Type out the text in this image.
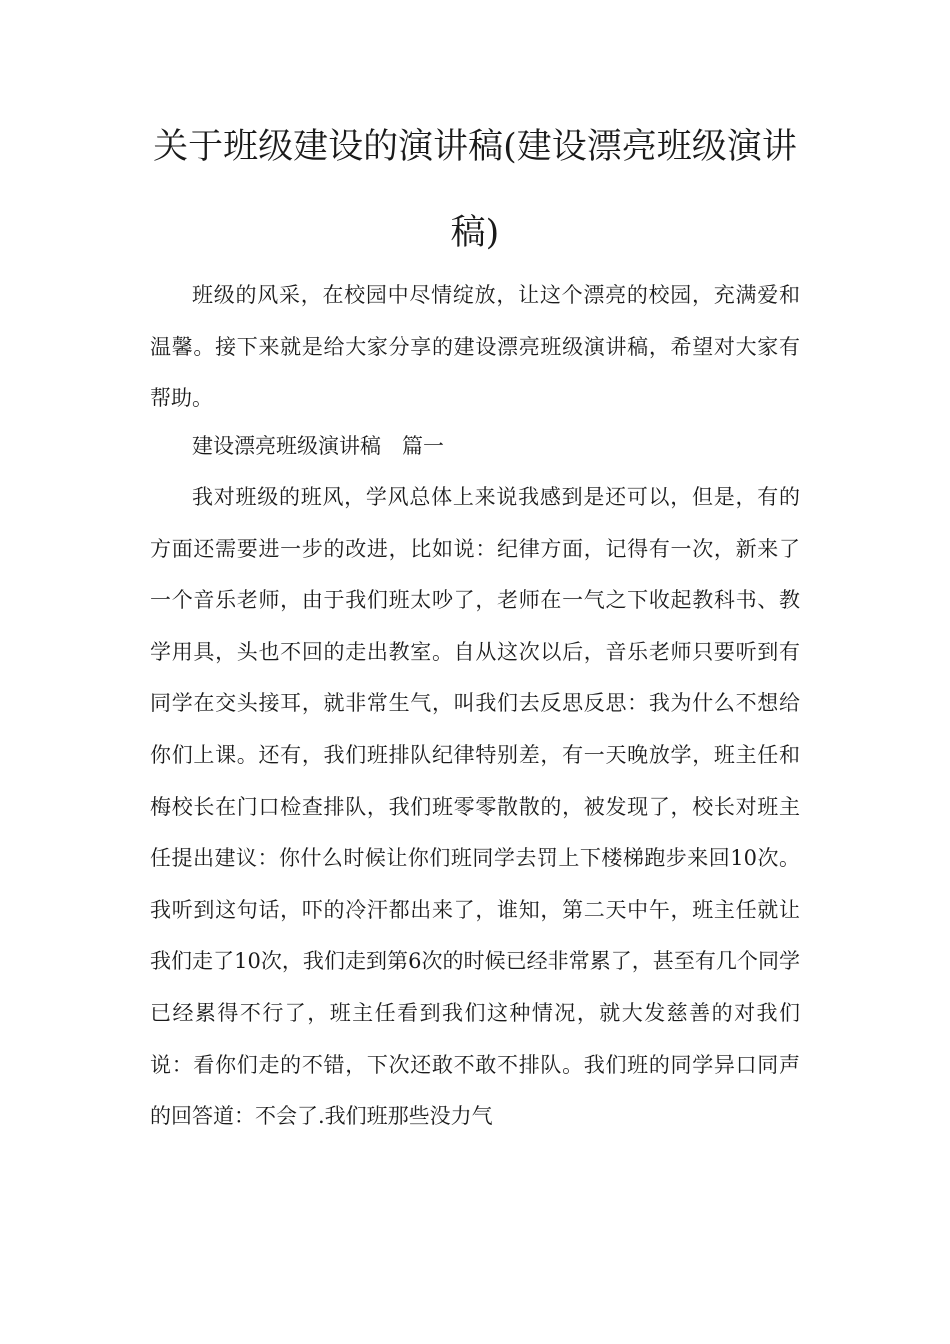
关于班级建设的演讲稿(建设漂亮班级演讲稿)

班级的风采，在校园中尽情绽放，让这个漂亮的校园，充满爱和温馨。接下来就是给大家分享的建设漂亮班级演讲稿，希望对大家有帮助。

建设漂亮班级演讲稿　篇一

我对班级的班风，学风总体上来说我感到是还可以，但是，有的方面还需要进一步的改进，比如说：纪律方面，记得有一次，新来了一个音乐老师，由于我们班太吵了，老师在一气之下收起教科书、教学用具，头也不回的走出教室。自从这次以后，音乐老师只要听到有同学在交头接耳，就非常生气，叫我们去反思反思：我为什么不想给你们上课。还有，我们班排队纪律特别差，有一天晚放学，班主任和梅校长在门口检查排队，我们班零零散散的，被发现了，校长对班主任提出建议：你什么时候让你们班同学去罚上下楼梯跑步来回10次。我听到这句话，吓的冷汗都出来了，谁知，第二天中午，班主任就让我们走了10次，我们走到第6次的时候已经非常累了，甚至有几个同学已经累得不行了，班主任看到我们这种情况，就大发慈善的对我们说：看你们走的不错，下次还敢不敢不排队。我们班的同学异口同声的回答道：不会了.我们班那些没力气
